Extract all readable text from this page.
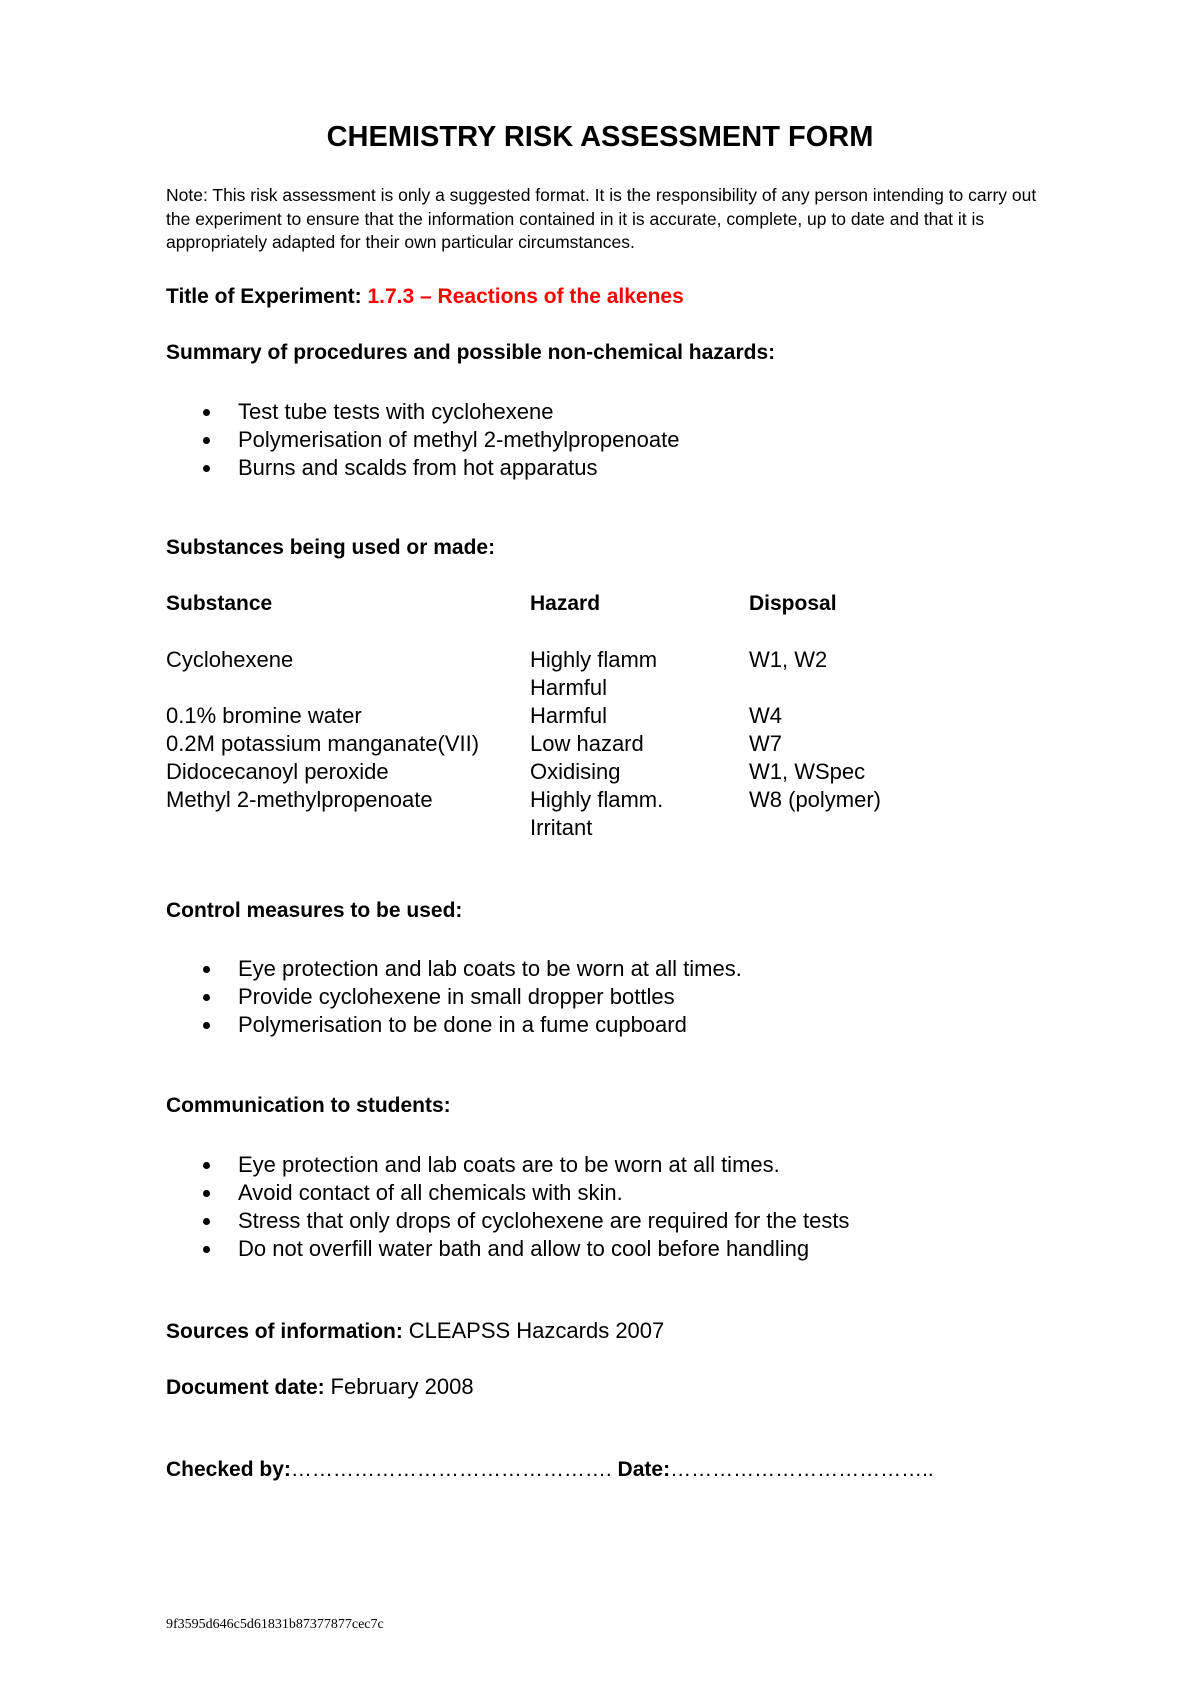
CHEMISTRY RISK ASSESSMENT FORM

Note: This risk assessment is only a suggested format. It is the responsibility of any person intending to carry out the experiment to ensure that the information contained in it is accurate, complete, up to date and that it is appropriately adapted for their own particular circumstances.

Title of Experiment: 1.7.3 – Reactions of the alkenes

Summary of procedures and possible non-chemical hazards:

Test tube tests with cyclohexene
Polymerisation of methyl 2-methylpropenoate
Burns and scalds from hot apparatus

Substances being used or made:

Substance	Hazard	Disposal

Cyclohexene	Highly flamm	W1, W2
	Harmful	
0.1% bromine water	Harmful	W4
0.2M potassium manganate(VII)	Low hazard	W7
Didocecanoyl peroxide	Oxidising	W1, WSpec
Methyl 2-methylpropenoate	Highly flamm.	W8 (polymer)
	Irritant	

Control measures to be used:

Eye protection and lab coats to be worn at all times.
Provide cyclohexene in small dropper bottles
Polymerisation to be done in a fume cupboard

Communication to students:

Eye protection and lab coats are to be worn at all times.
Avoid contact of all chemicals with skin.
Stress that only drops of cyclohexene are required for the tests
Do not overfill water bath and allow to cool before handling

Sources of information: CLEAPSS Hazcards 2007

Document date: February 2008

Checked by:………………………………………. Date:………………………………..

9f3595d646c5d61831b87377877cec7c
